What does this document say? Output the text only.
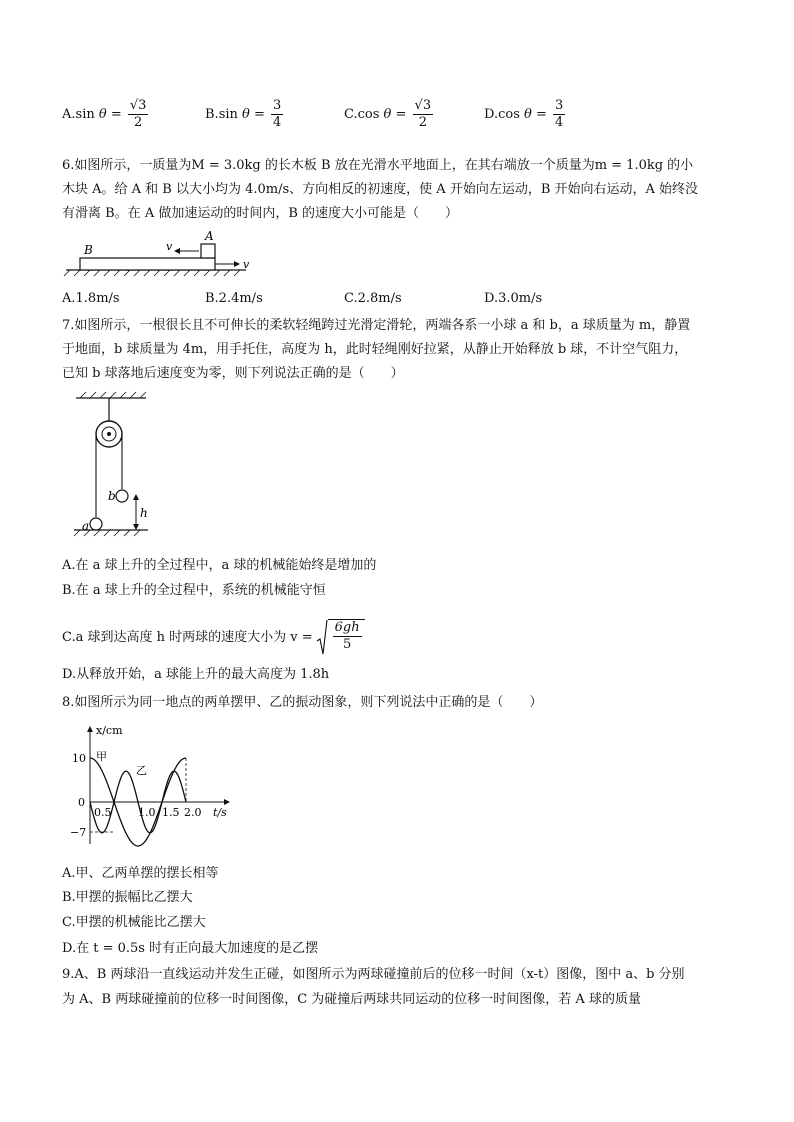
A.sin $\theta = \frac{√3}{2}$	B.sin $\theta = \frac{3}{4}$	C.cos $\theta = \frac{√3}{2}$	D.cos $\theta = \frac{3}{4}$
6.如图所示，一质量为M = 3.0kg 的长木板 B 放在光滑水平地面上，在其右端放一个质量为m = 1.0kg 的小
木块 A。给 A 和 B 以大小均为 4.0m/s、方向相反的初速度，使 A 开始向左运动，B 开始向右运动，A 始终没
有滑离 B。在 A 做加速运动的时间内，B 的速度大小可能是（　　）
B
A
v
v
A.1.8m/s	B.2.4m/s	C.2.8m/s	D.3.0m/s
7.如图所示，一根很长且不可伸长的柔软轻绳跨过光滑定滑轮，两端各系一小球 a 和 b，a 球质量为 m，静置
于地面，b 球质量为 4m，用手托住，高度为 h，此时轻绳刚好拉紧，从静止开始释放 b 球，不计空气阻力，
已知 b 球落地后速度变为零，则下列说法正确的是（　　）
a
b
h
A.在 a 球上升的全过程中，a 球的机械能始终是增加的
B.在 a 球上升的全过程中，系统的机械能守恒
C.a 球到达高度 h 时两球的速度大小为 $v = \frac{6gh}{5}$
D.从释放开始，a 球能上升的最大高度为 1.8h
8.如图所示为同一地点的两单摆甲、乙的振动图象，则下列说法中正确的是（　　）
x/cm
t/s
10
0
−7
0.5 1.0 1.5 2.0
甲
乙
A.甲、乙两单摆的摆长相等
B.甲摆的振幅比乙摆大
C.甲摆的机械能比乙摆大
D.在 t = 0.5s 时有正向最大加速度的是乙摆
9.A、B 两球沿一直线运动并发生正碰，如图所示为两球碰撞前后的位移一时间（x-t）图像，图中 a、b 分别
为 A、B 两球碰撞前的位移一时间图像，C 为碰撞后两球共同运动的位移一时间图像，若 A 球的质量
